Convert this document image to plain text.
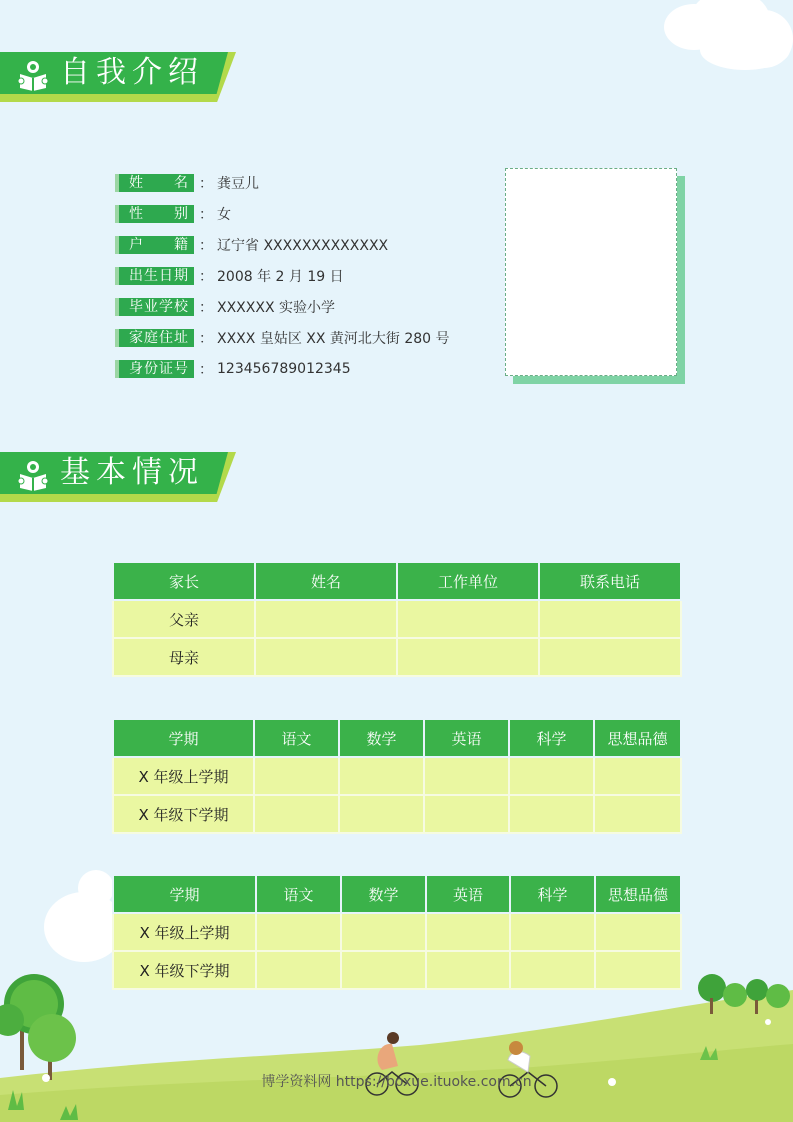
自我介绍
姓名 ： 龚豆儿
性别 ： 女
户籍 ： 辽宁省 XXXXXXXXXXXXX
出生日期 ： 2008 年 2 月 19 日
毕业学校 ： XXXXXX 实验小学
家庭住址 ： XXXX 皇姑区 XX 黄河北大街 280 号
身份证号 ： 123456789012345
基本情况
家长	姓名	工作单位	联系电话
父亲			
母亲			
学期	语文	数学	英语	科学	思想品德
X 年级上学期					
X 年级下学期					
学期	语文	数学	英语	科学	思想品德
X 年级上学期					
X 年级下学期					
博学资料网 https://boxue.ituoke.com.cn
